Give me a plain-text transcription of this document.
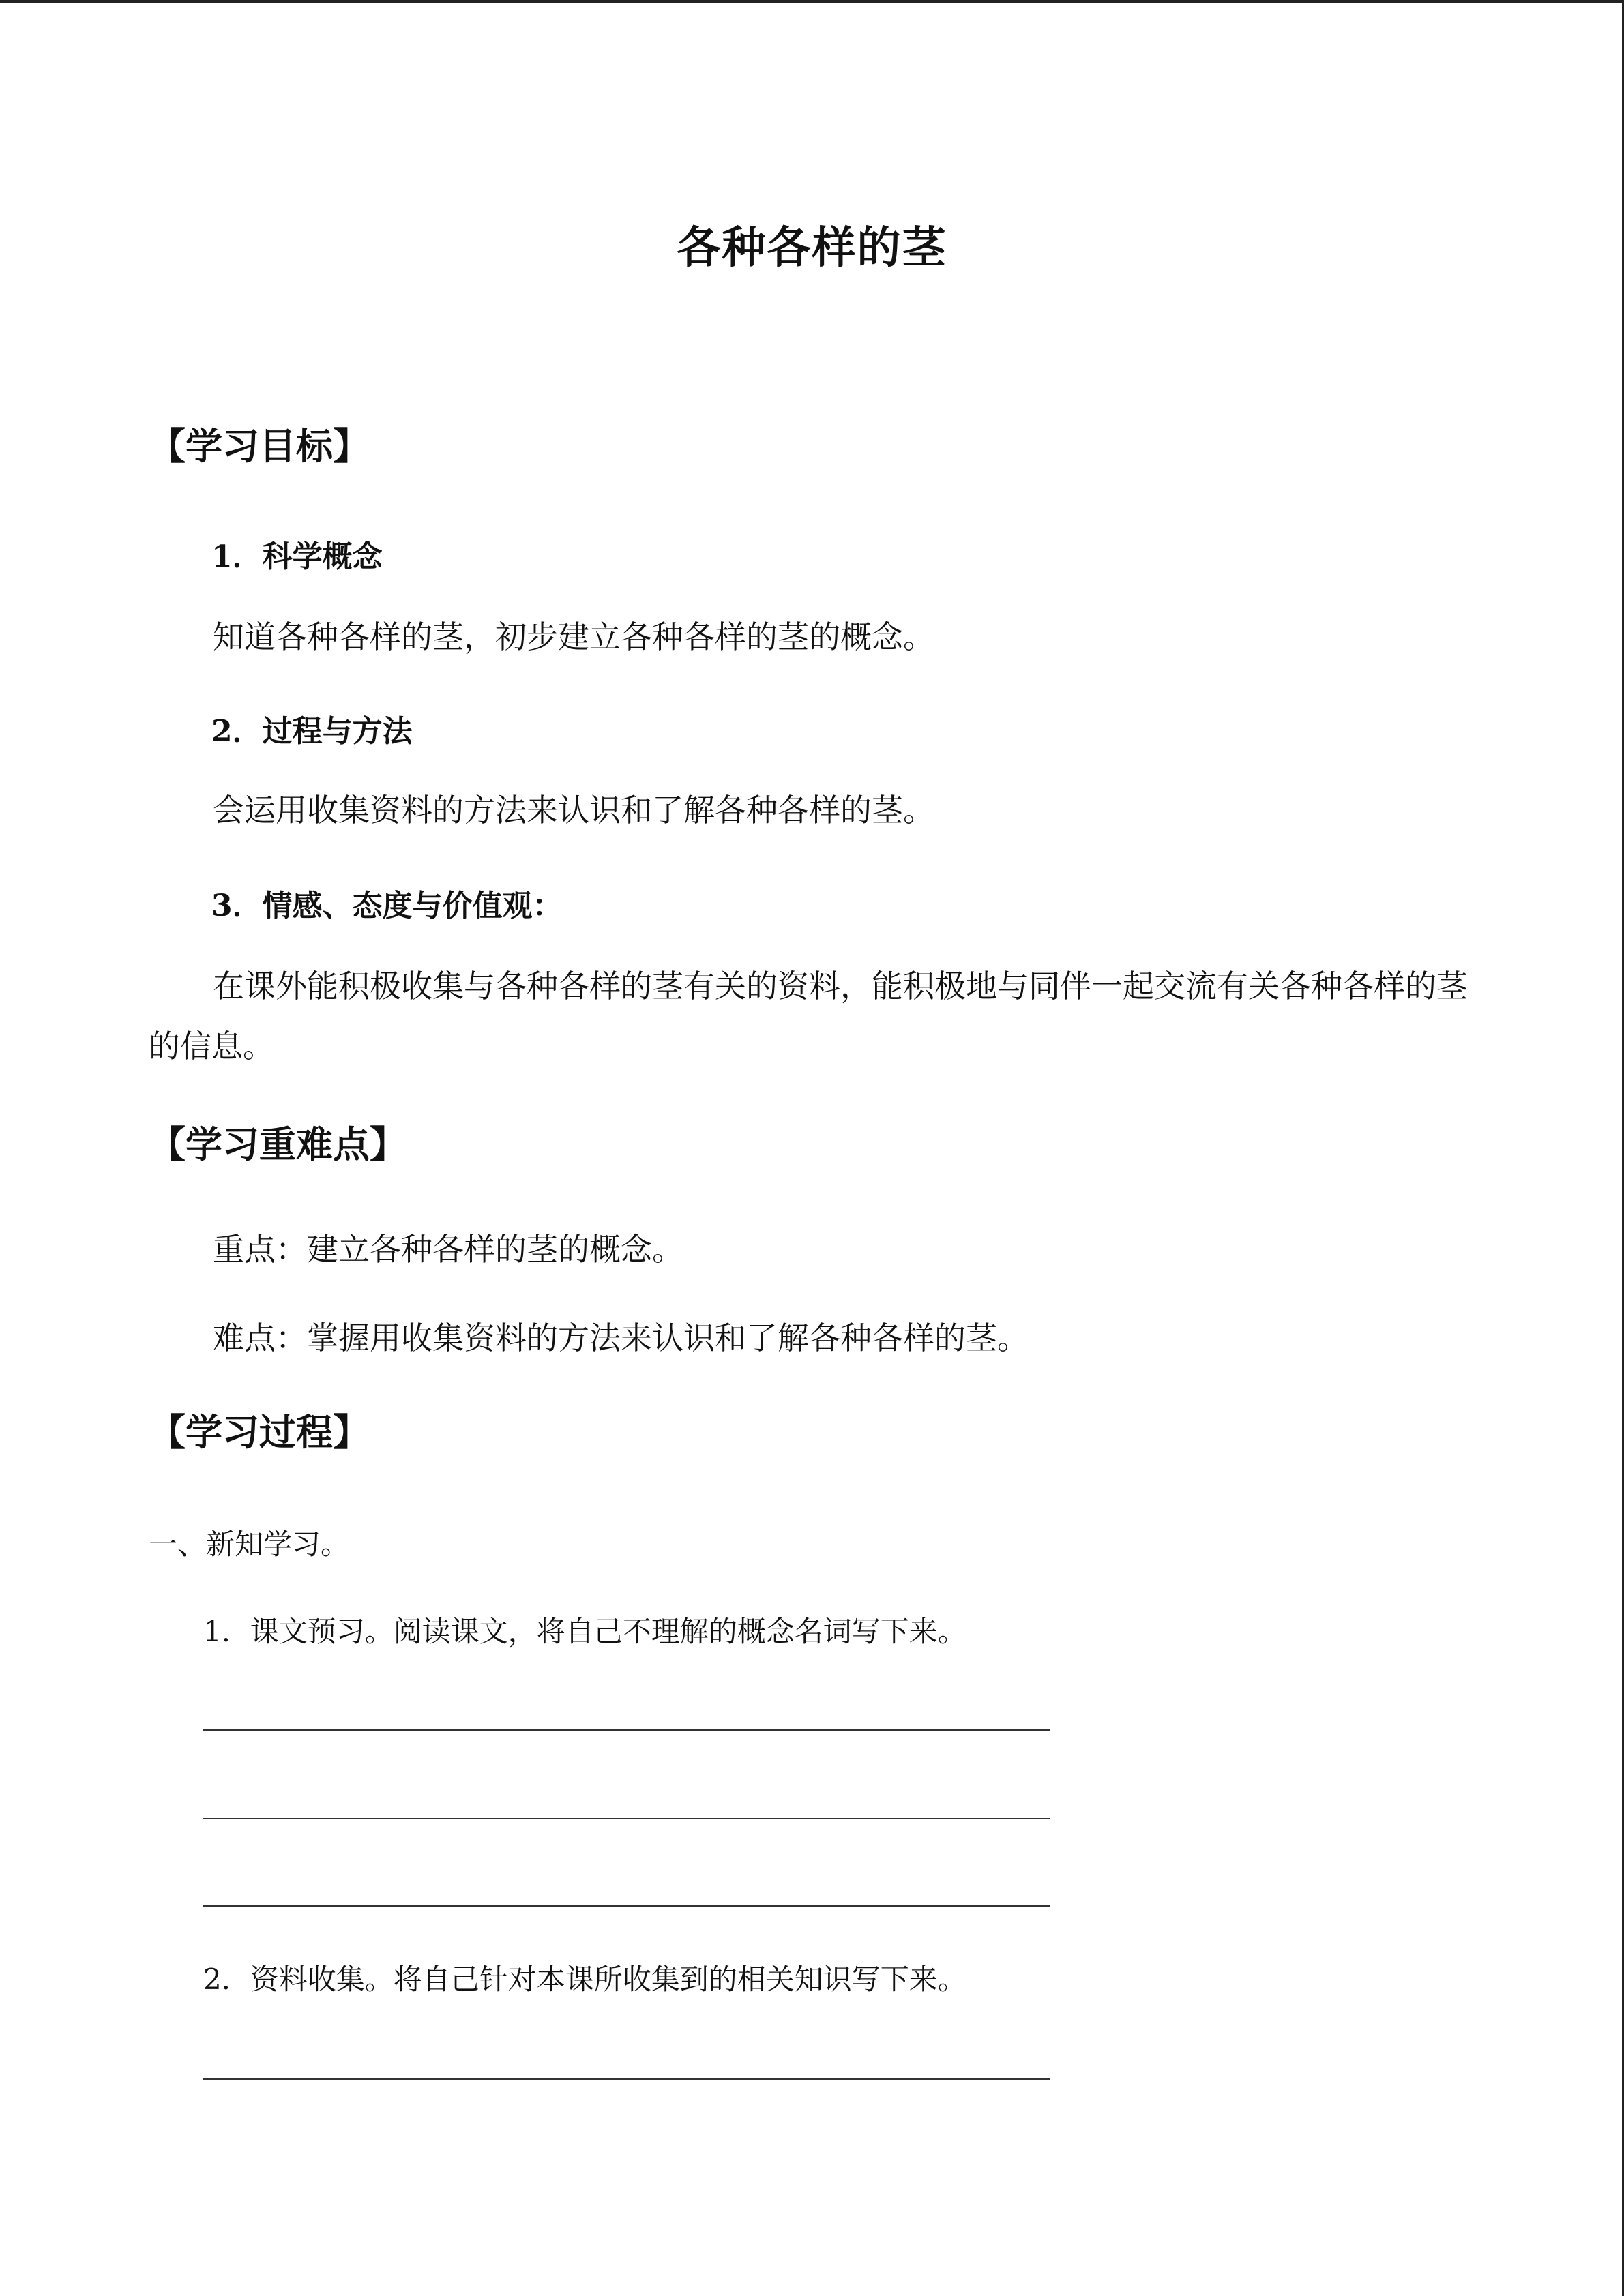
各种各样的茎
【学习目标】
1．科学概念
知道各种各样的茎，初步建立各种各样的茎的概念。
2．过程与方法
会运用收集资料的方法来认识和了解各种各样的茎。
3．情感、态度与价值观：
在课外能积极收集与各种各样的茎有关的资料，能积极地与同伴一起交流有关各种各样的茎的信息。
【学习重难点】
重点：建立各种各样的茎的概念。
难点：掌握用收集资料的方法来认识和了解各种各样的茎。
【学习过程】
一、新知学习。
1．课文预习。阅读课文，将自己不理解的概念名词写下来。
2．资料收集。将自己针对本课所收集到的相关知识写下来。
